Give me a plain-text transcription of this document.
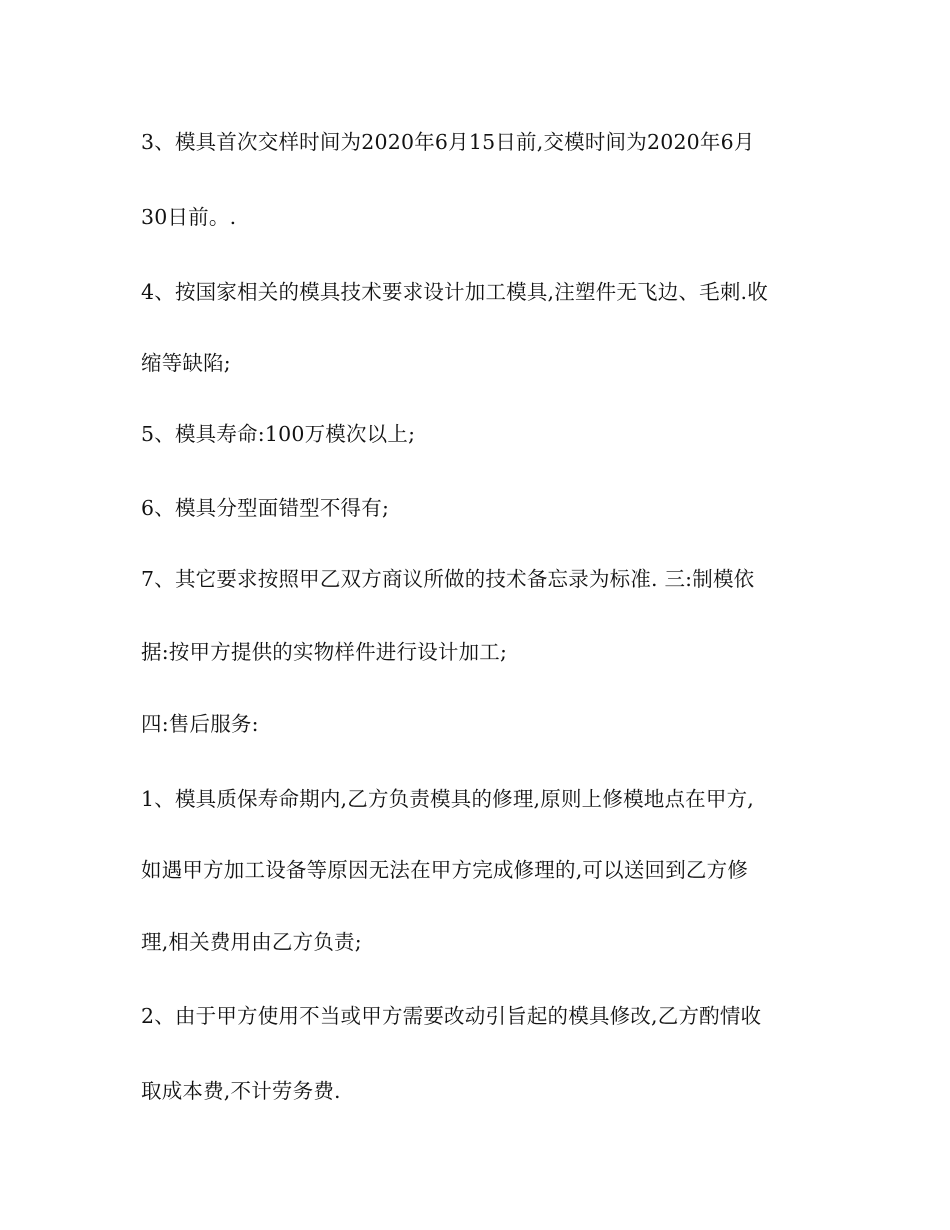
3、模具首次交样时间为2020年6月15日前,交模时间为2020年6月
30日前。.
4、按国家相关的模具技术要求设计加工模具,注塑件无飞边、毛刺.收
缩等缺陷;
5、模具寿命:100万模次以上;
6、模具分型面错型不得有;
7、其它要求按照甲乙双方商议所做的技术备忘录为标准. 三:制模依
据:按甲方提供的实物样件进行设计加工;
四:售后服务:
1、模具质保寿命期内,乙方负责模具的修理,原则上修模地点在甲方,
如遇甲方加工设备等原因无法在甲方完成修理的,可以送回到乙方修
理,相关费用由乙方负责;
2、由于甲方使用不当或甲方需要改动引旨起的模具修改,乙方酌情收
取成本费,不计劳务费.
